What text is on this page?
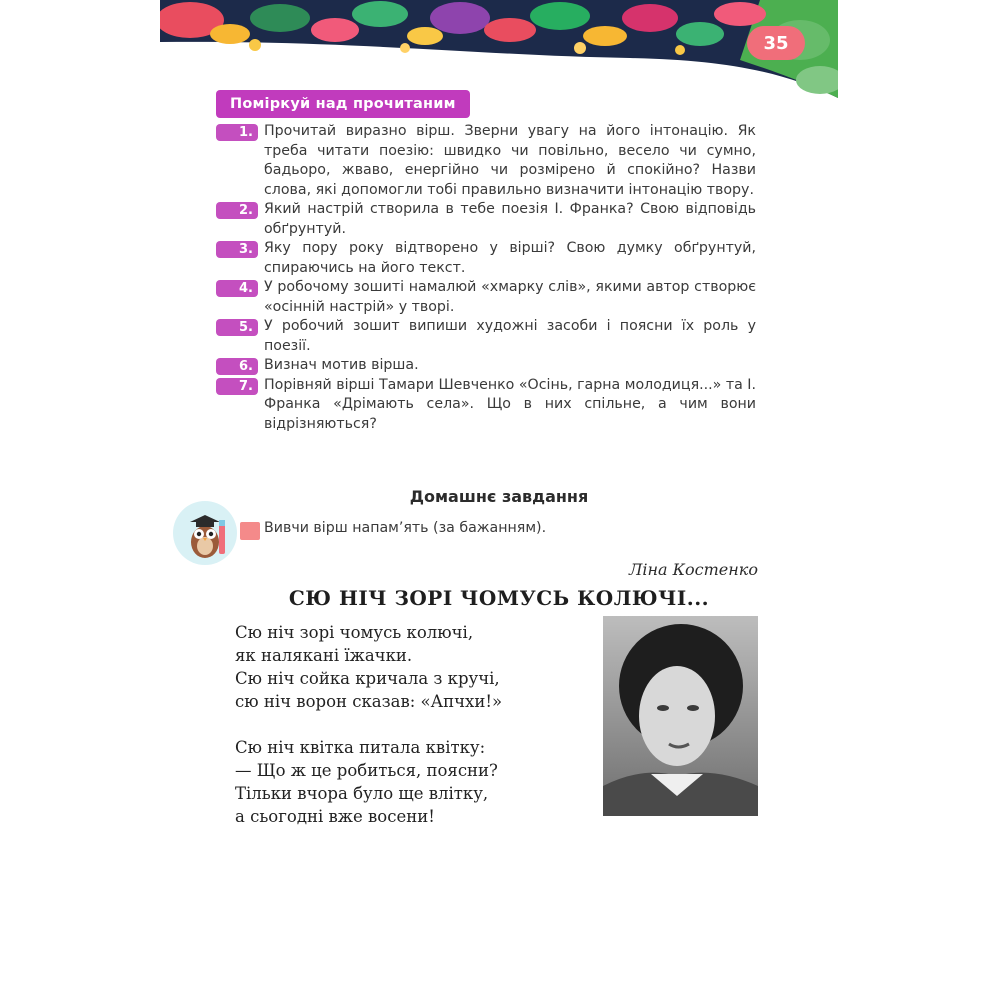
35
Поміркуй над прочитаним
1. Прочитай виразно вірш. Зверни увагу на його інтонацію. Як треба читати поезію: швидко чи повільно, весело чи сумно, бадьоро, жваво, енергійно чи розмірено й спокійно? Назви слова, які допомогли тобі правильно визначити інтонацію твору.
2. Який настрій створила в тебе поезія І. Франка? Свою відповідь обґрунтуй.
3. Яку пору року відтворено у вірші? Свою думку обґрунтуй, спираючись на його текст.
4. У робочому зошиті намалюй «хмарку слів», якими автор створює «осінній настрій» у творі.
5. У робочий зошит випиши художні засоби і поясни їх роль у поезії.
6. Визнач мотив вірша.
7. Порівняй вірші Тамари Шевченко «Осінь, гарна молодиця...» та І. Франка «Дрімають села». Що в них спільне, а чим вони відрізняються?
Домашнє завдання
Вивчи вірш напам’ять (за бажанням).
Ліна Костенко
СЮ НІЧ ЗОРІ ЧОМУСЬ КОЛЮЧІ...
Сю ніч зорі чомусь колючі,
як налякані їжачки.
Сю ніч сойка кричала з кручі,
сю ніч ворон сказав: «Апчхи!»
Сю ніч квітка питала квітку:
— Що ж це робиться, поясни?
Тільки вчора було ще влітку,
а сьогодні вже восени!
